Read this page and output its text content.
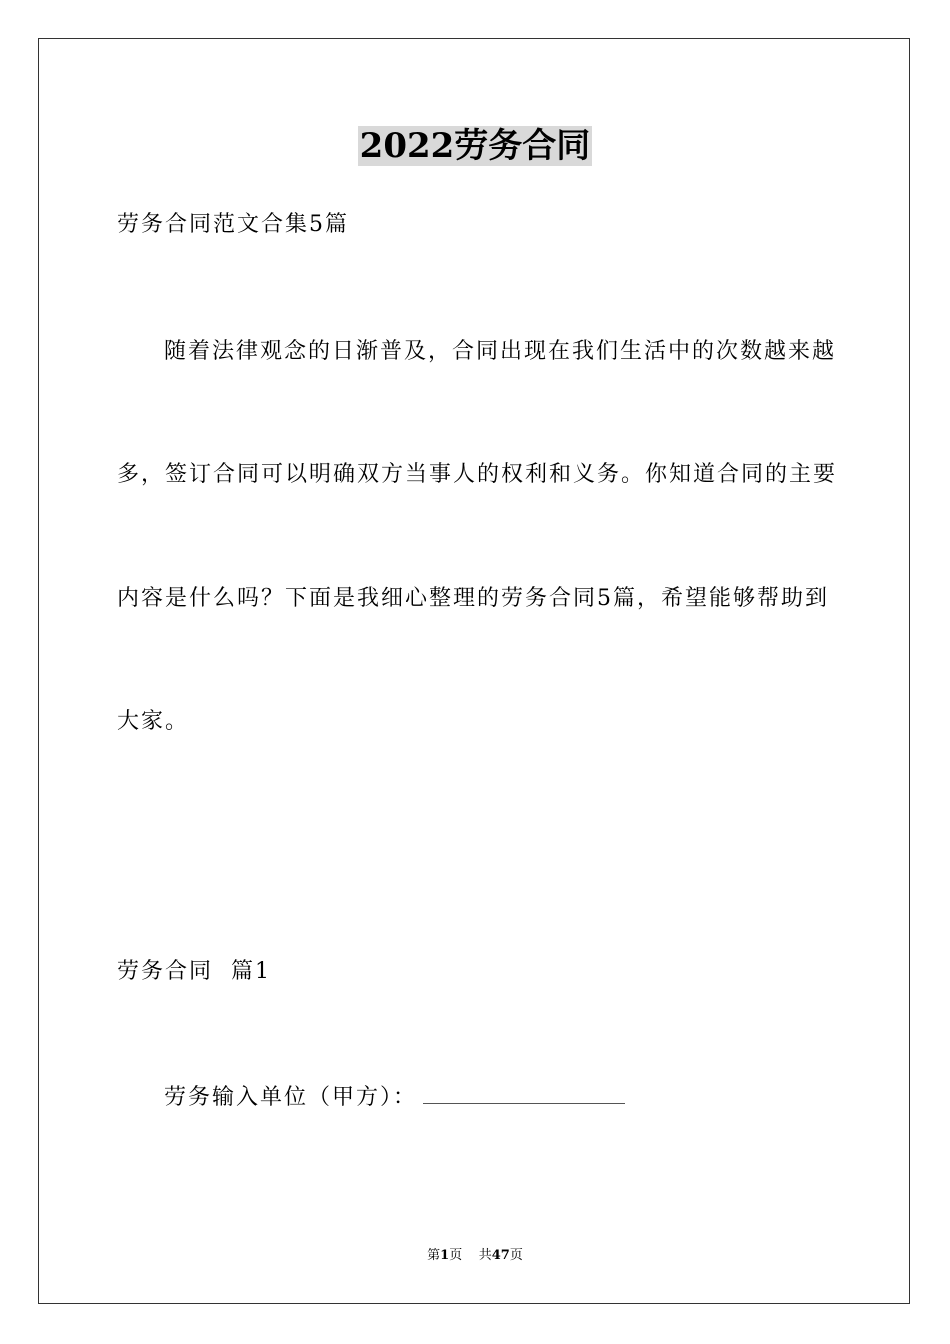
2022劳务合同
劳务合同范文合集5篇
随着法律观念的日渐普及，合同出现在我们生活中的次数越来越
多，签订合同可以明确双方当事人的权利和义务。你知道合同的主要
内容是什么吗？下面是我细心整理的劳务合同5篇，希望能够帮助到
大家。
劳务合同  篇1
劳务输入单位（甲方）：
第1页    共47页
